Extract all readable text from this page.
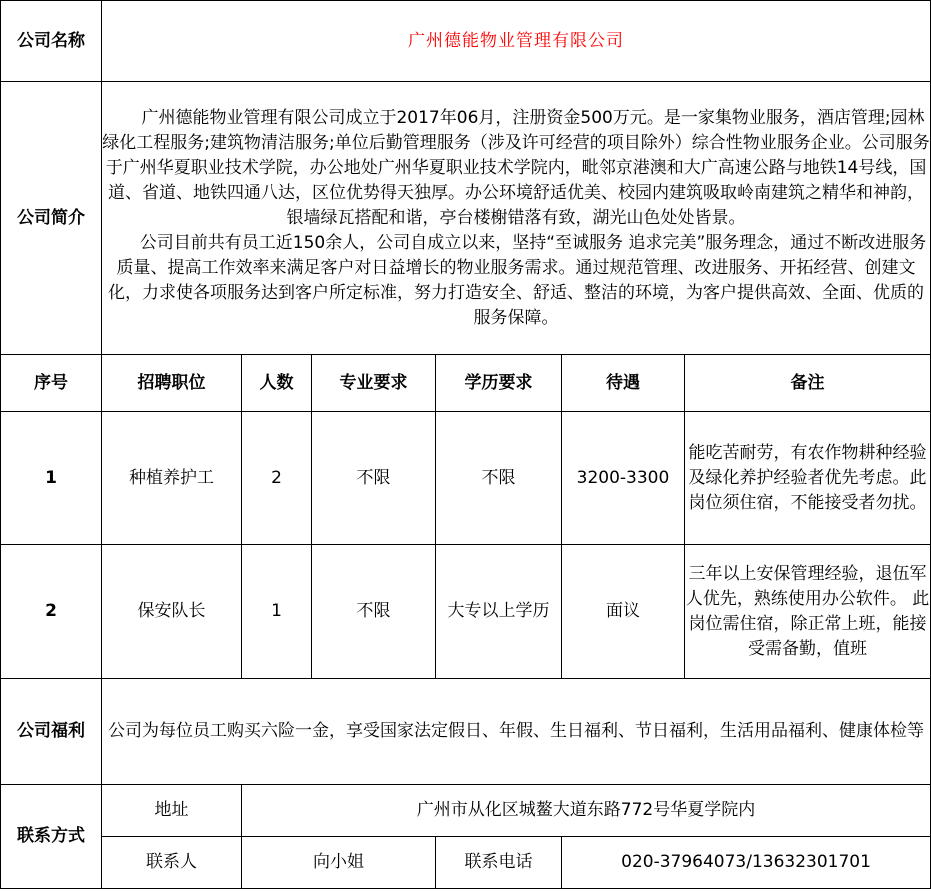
公司名称	广州德能物业管理有限公司					
公司简介	广州德能物业管理有限公司成立于2017年06月，注册资金500万元。是一家集物业服务，酒店管理;园林绿化工程服务;建筑物清洁服务;单位后勤管理服务（涉及许可经营的项目除外）综合性物业服务企业。公司服务于广州华夏职业技术学院，办公地处广州华夏职业技术学院内，毗邻京港澳和大广高速公路与地铁14号线，国道、省道、地铁四通八达，区位优势得天独厚。办公环境舒适优美、校园内建筑吸取岭南建筑之精华和神韵，银墙绿瓦搭配和谐，亭台楼榭错落有致，湖光山色处处皆景。

公司目前共有员工近150余人，公司自成立以来，坚持“至诚服务 追求完美”服务理念，通过不断改进服务质量、提高工作效率来满足客户对日益增长的物业服务需求。通过规范管理、改进服务、开拓经营、创建文化，力求使各项服务达到客户所定标准，努力打造安全、舒适、整洁的环境，为客户提供高效、全面、优质的服务保障。					

序号	招聘职位	人数	专业要求	学历要求	待遇	备注
1	种植养护工	2	不限	不限	3200-3300	能吃苦耐劳，有农作物耕种经验及绿化养护经验者优先考虑。此岗位须住宿，不能接受者勿扰。
2	保安队长	1	不限	大专以上学历	面议	三年以上安保管理经验，退伍军人优先，熟练使用办公软件。 此岗位需住宿，除正常上班，能接受需备勤，值班
公司福利	公司为每位员工购买六险一金，享受国家法定假日、年假、生日福利、节日福利，生活用品福利、健康体检等					
联系方式	地址	广州市从化区城鳌大道东路772号华夏学院内				
	联系人	向小姐		联系电话	020-37964073/13632301701	
